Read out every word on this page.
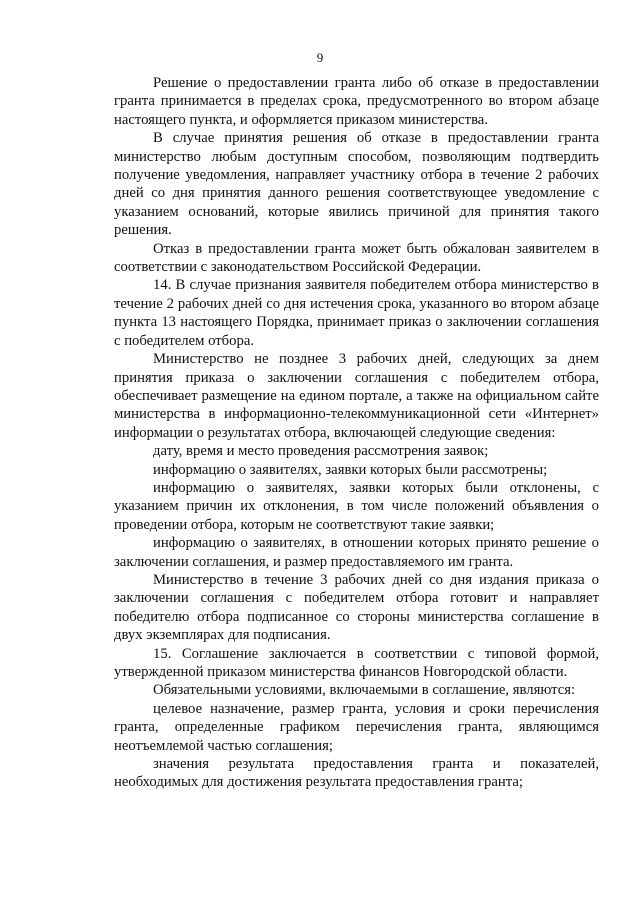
9

Решение о предоставлении гранта либо об отказе в предоставлении гранта принимается в пределах срока, предусмотренного во втором абзаце настоящего пункта, и оформляется приказом министерства.

В случае принятия решения об отказе в предоставлении гранта министерство любым доступным способом, позволяющим подтвердить получение уведомления, направляет участнику отбора в течение 2 рабочих дней со дня принятия данного решения соответствующее уведомление с указанием оснований, которые явились причиной для принятия такого решения.

Отказ в предоставлении гранта может быть обжалован заявителем в соответствии с законодательством Российской Федерации.

14. В случае признания заявителя победителем отбора министерство в течение 2 рабочих дней со дня истечения срока, указанного во втором абзаце пункта 13 настоящего Порядка, принимает приказ о заключении соглашения с победителем отбора.

Министерство не позднее 3 рабочих дней, следующих за днем принятия приказа о заключении соглашения с победителем отбора, обеспечивает размещение на едином портале, а также на официальном сайте министерства в информационно-телекоммуникационной сети «Интернет» информации о результатах отбора, включающей следующие сведения:

дату, время и место проведения рассмотрения заявок;

информацию о заявителях, заявки которых были рассмотрены;

информацию о заявителях, заявки которых были отклонены, с указанием причин их отклонения, в том числе положений объявления о проведении отбора, которым не соответствуют такие заявки;

информацию о заявителях, в отношении которых принято решение о заключении соглашения, и размер предоставляемого им гранта.

Министерство в течение 3 рабочих дней со дня издания приказа о заключении соглашения с победителем отбора готовит и направляет победителю отбора подписанное со стороны министерства соглашение в двух экземплярах для подписания.

15. Соглашение заключается в соответствии с типовой формой, утвержденной приказом министерства финансов Новгородской области.

Обязательными условиями, включаемыми в соглашение, являются:

целевое назначение, размер гранта, условия и сроки перечисления гранта, определенные графиком перечисления гранта, являющимся неотъемлемой частью соглашения;

значения результата предоставления гранта и показателей, необходимых для достижения результата предоставления гранта;
